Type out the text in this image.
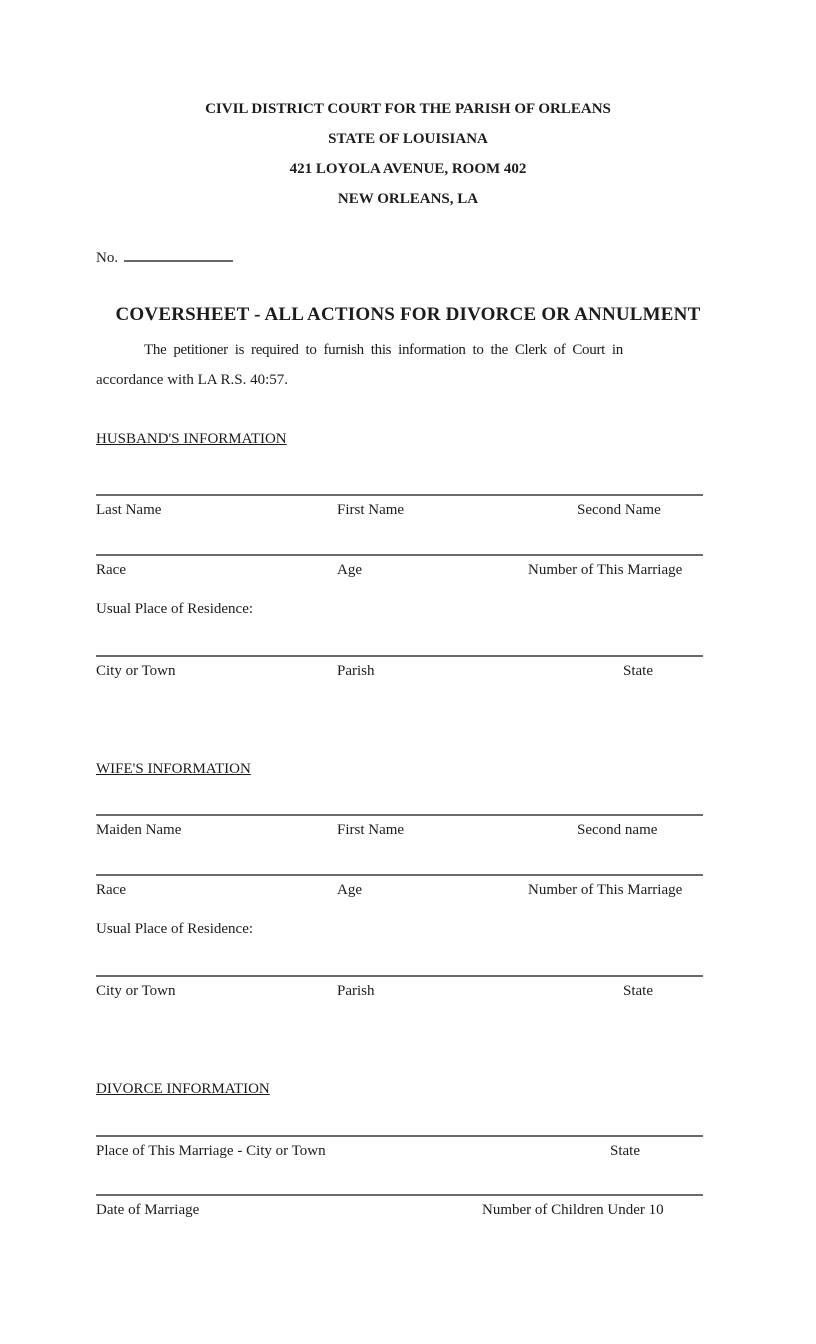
CIVIL DISTRICT COURT FOR THE PARISH OF ORLEANS
STATE OF LOUISIANA
421 LOYOLA AVENUE, ROOM 402
NEW ORLEANS, LA
No.
COVERSHEET - ALL ACTIONS FOR DIVORCE OR ANNULMENT

The petitioner is required to furnish this information to the Clerk of Court in

accordance with LA R.S. 40:57.

HUSBAND'S INFORMATION
Last Name	First Name	Second Name
Race	Age	Number of This Marriage
Usual Place of Residence:
City or Town	Parish	State
WIFE'S INFORMATION
Maiden Name	First Name	Second name
Race	Age	Number of This Marriage
Usual Place of Residence:
City or Town	Parish	State
DIVORCE INFORMATION
Place of This Marriage - City or Town	State
Date of Marriage	Number of Children Under 10
